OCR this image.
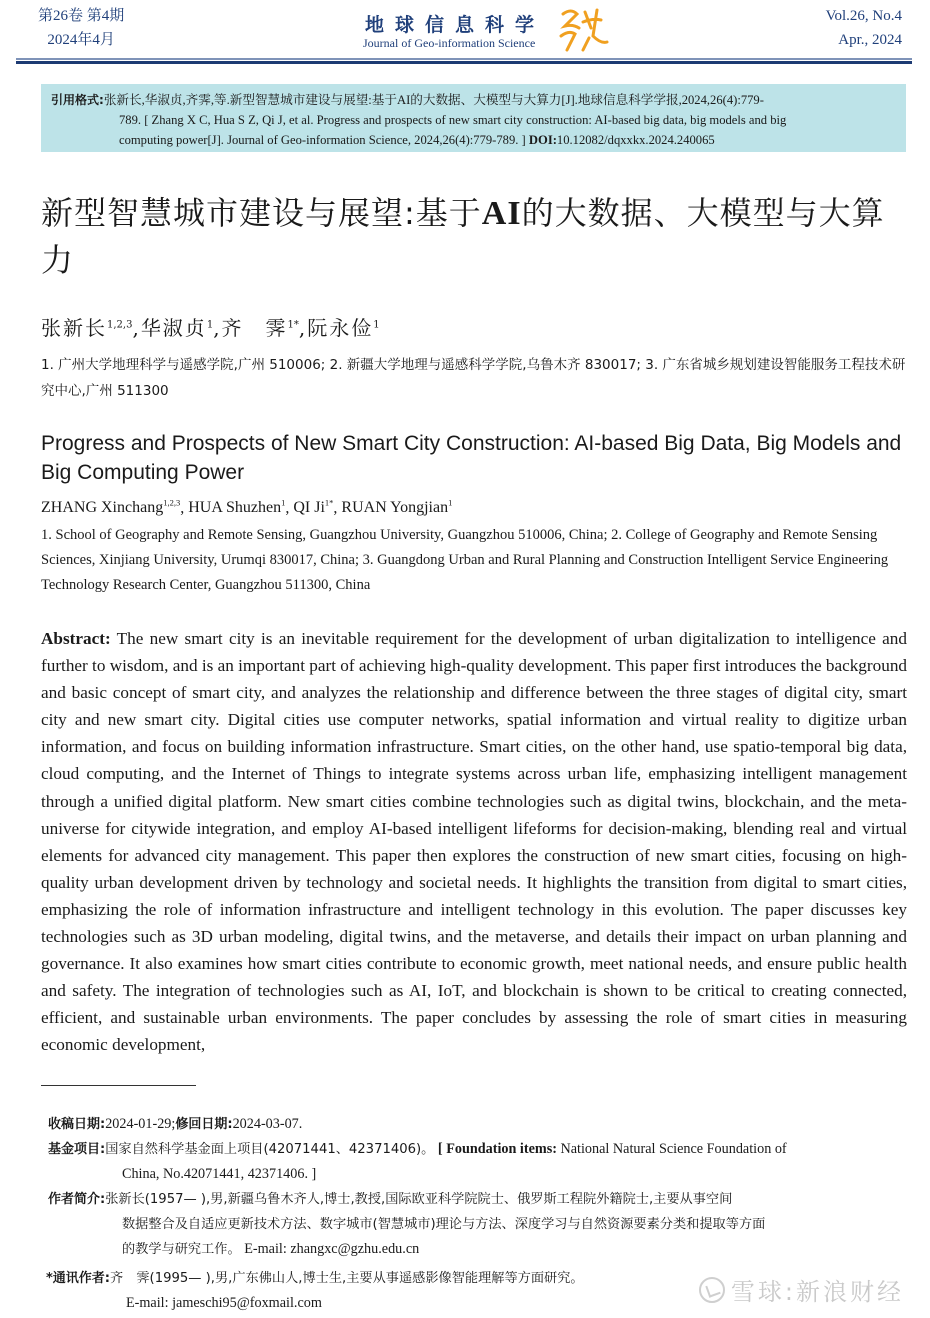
第26卷 第4期
2024年4月
地球信息科学
Journal of Geo-information Science
Vol.26, No.4
Apr., 2024
引用格式:张新长,华淑贞,齐霁,等.新型智慧城市建设与展望:基于AI的大数据、大模型与大算力[J].地球信息科学学报,2024,26(4):779-
789. [ Zhang X C, Hua S Z, Qi J, et al. Progress and prospects of new smart city construction: AI-based big data, big models and big
computing power[J]. Journal of Geo-information Science, 2024,26(4):779-789. ] DOI:10.12082/dqxxkx.2024.240065
新型智慧城市建设与展望:基于AI的大数据、大模型与大算力
张新长$^{1,2,3}$,华淑贞$^1$,齐　霁$^{1*}$,阮永俭$^1$
1. 广州大学地理科学与遥感学院,广州 510006; 2. 新疆大学地理与遥感科学学院,乌鲁木齐 830017; 3. 广东省城乡规划建设智能服务工程技术研究中心,广州 511300
Progress and Prospects of New Smart City Construction: AI-based Big Data, Big Models and Big Computing Power
ZHANG Xinchang$^{1,2,3}$, HUA Shuzhen$^1$, QI $Ji^{1*}$, RUAN Yongjian$^1$
1. School of Geography and Remote Sensing, Guangzhou University, Guangzhou 510006, China; 2. College of Geography and Remote Sensing Sciences, Xinjiang University, Urumqi 830017, China; 3. Guangdong Urban and Rural Planning and Construction Intelligent Service Engineering Technology Research Center, Guangzhou 511300, China
Abstract: The new smart city is an inevitable requirement for the development of urban digitalization to intelligence and further to wisdom, and is an important part of achieving high-quality development. This paper first introduces the background and basic concept of smart city, and analyzes the relationship and difference between the three stages of digital city, smart city and new smart city. Digital cities use computer networks, spatial information and virtual reality to digitize urban information, and focus on building information infrastructure. Smart cities, on the other hand, use spatio-temporal big data, cloud computing, and the Internet of Things to integrate systems across urban life, emphasizing intelligent management through a unified digital platform. New smart cities combine technologies such as digital twins, blockchain, and the meta-universe for citywide integration, and employ AI-based intelligent lifeforms for decision-making, blending real and virtual elements for advanced city management. This paper then explores the construction of new smart cities, focusing on high-quality urban development driven by technology and societal needs. It highlights the transition from digital to smart cities, emphasizing the role of information infrastructure and intelligent technology in this evolution. The paper discusses key technologies such as 3D urban modeling, digital twins, and the metaverse, and details their impact on urban planning and governance. It also examines how smart cities contribute to economic growth, meet national needs, and ensure public health and safety. The integration of technologies such as AI, IoT, and blockchain is shown to be critical to creating connected, efficient, and sustainable urban environments. The paper concludes by assessing the role of smart cities in measuring economic development,
收稿日期:2024-01-29;修回日期:2024-03-07.
基金项目:国家自然科学基金面上项目(42071441、42371406)。 [ Foundation items: National Natural Science Foundation of
China, No.42071441, 42371406. ]
作者简介:张新长(1957— ),男,新疆乌鲁木齐人,博士,教授,国际欧亚科学院院士、俄罗斯工程院外籍院士,主要从事空间
数据整合及自适应更新技术方法、数字城市(智慧城市)理论与方法、深度学习与自然资源要素分类和提取等方面
的教学与研究工作。 E-mail: zhangxc@gzhu.edu.cn
*通讯作者:齐　霁(1995— ),男,广东佛山人,博士生,主要从事遥感影像智能理解等方面研究。
E-mail: jameschi95@foxmail.com	雪球:新浪财经
